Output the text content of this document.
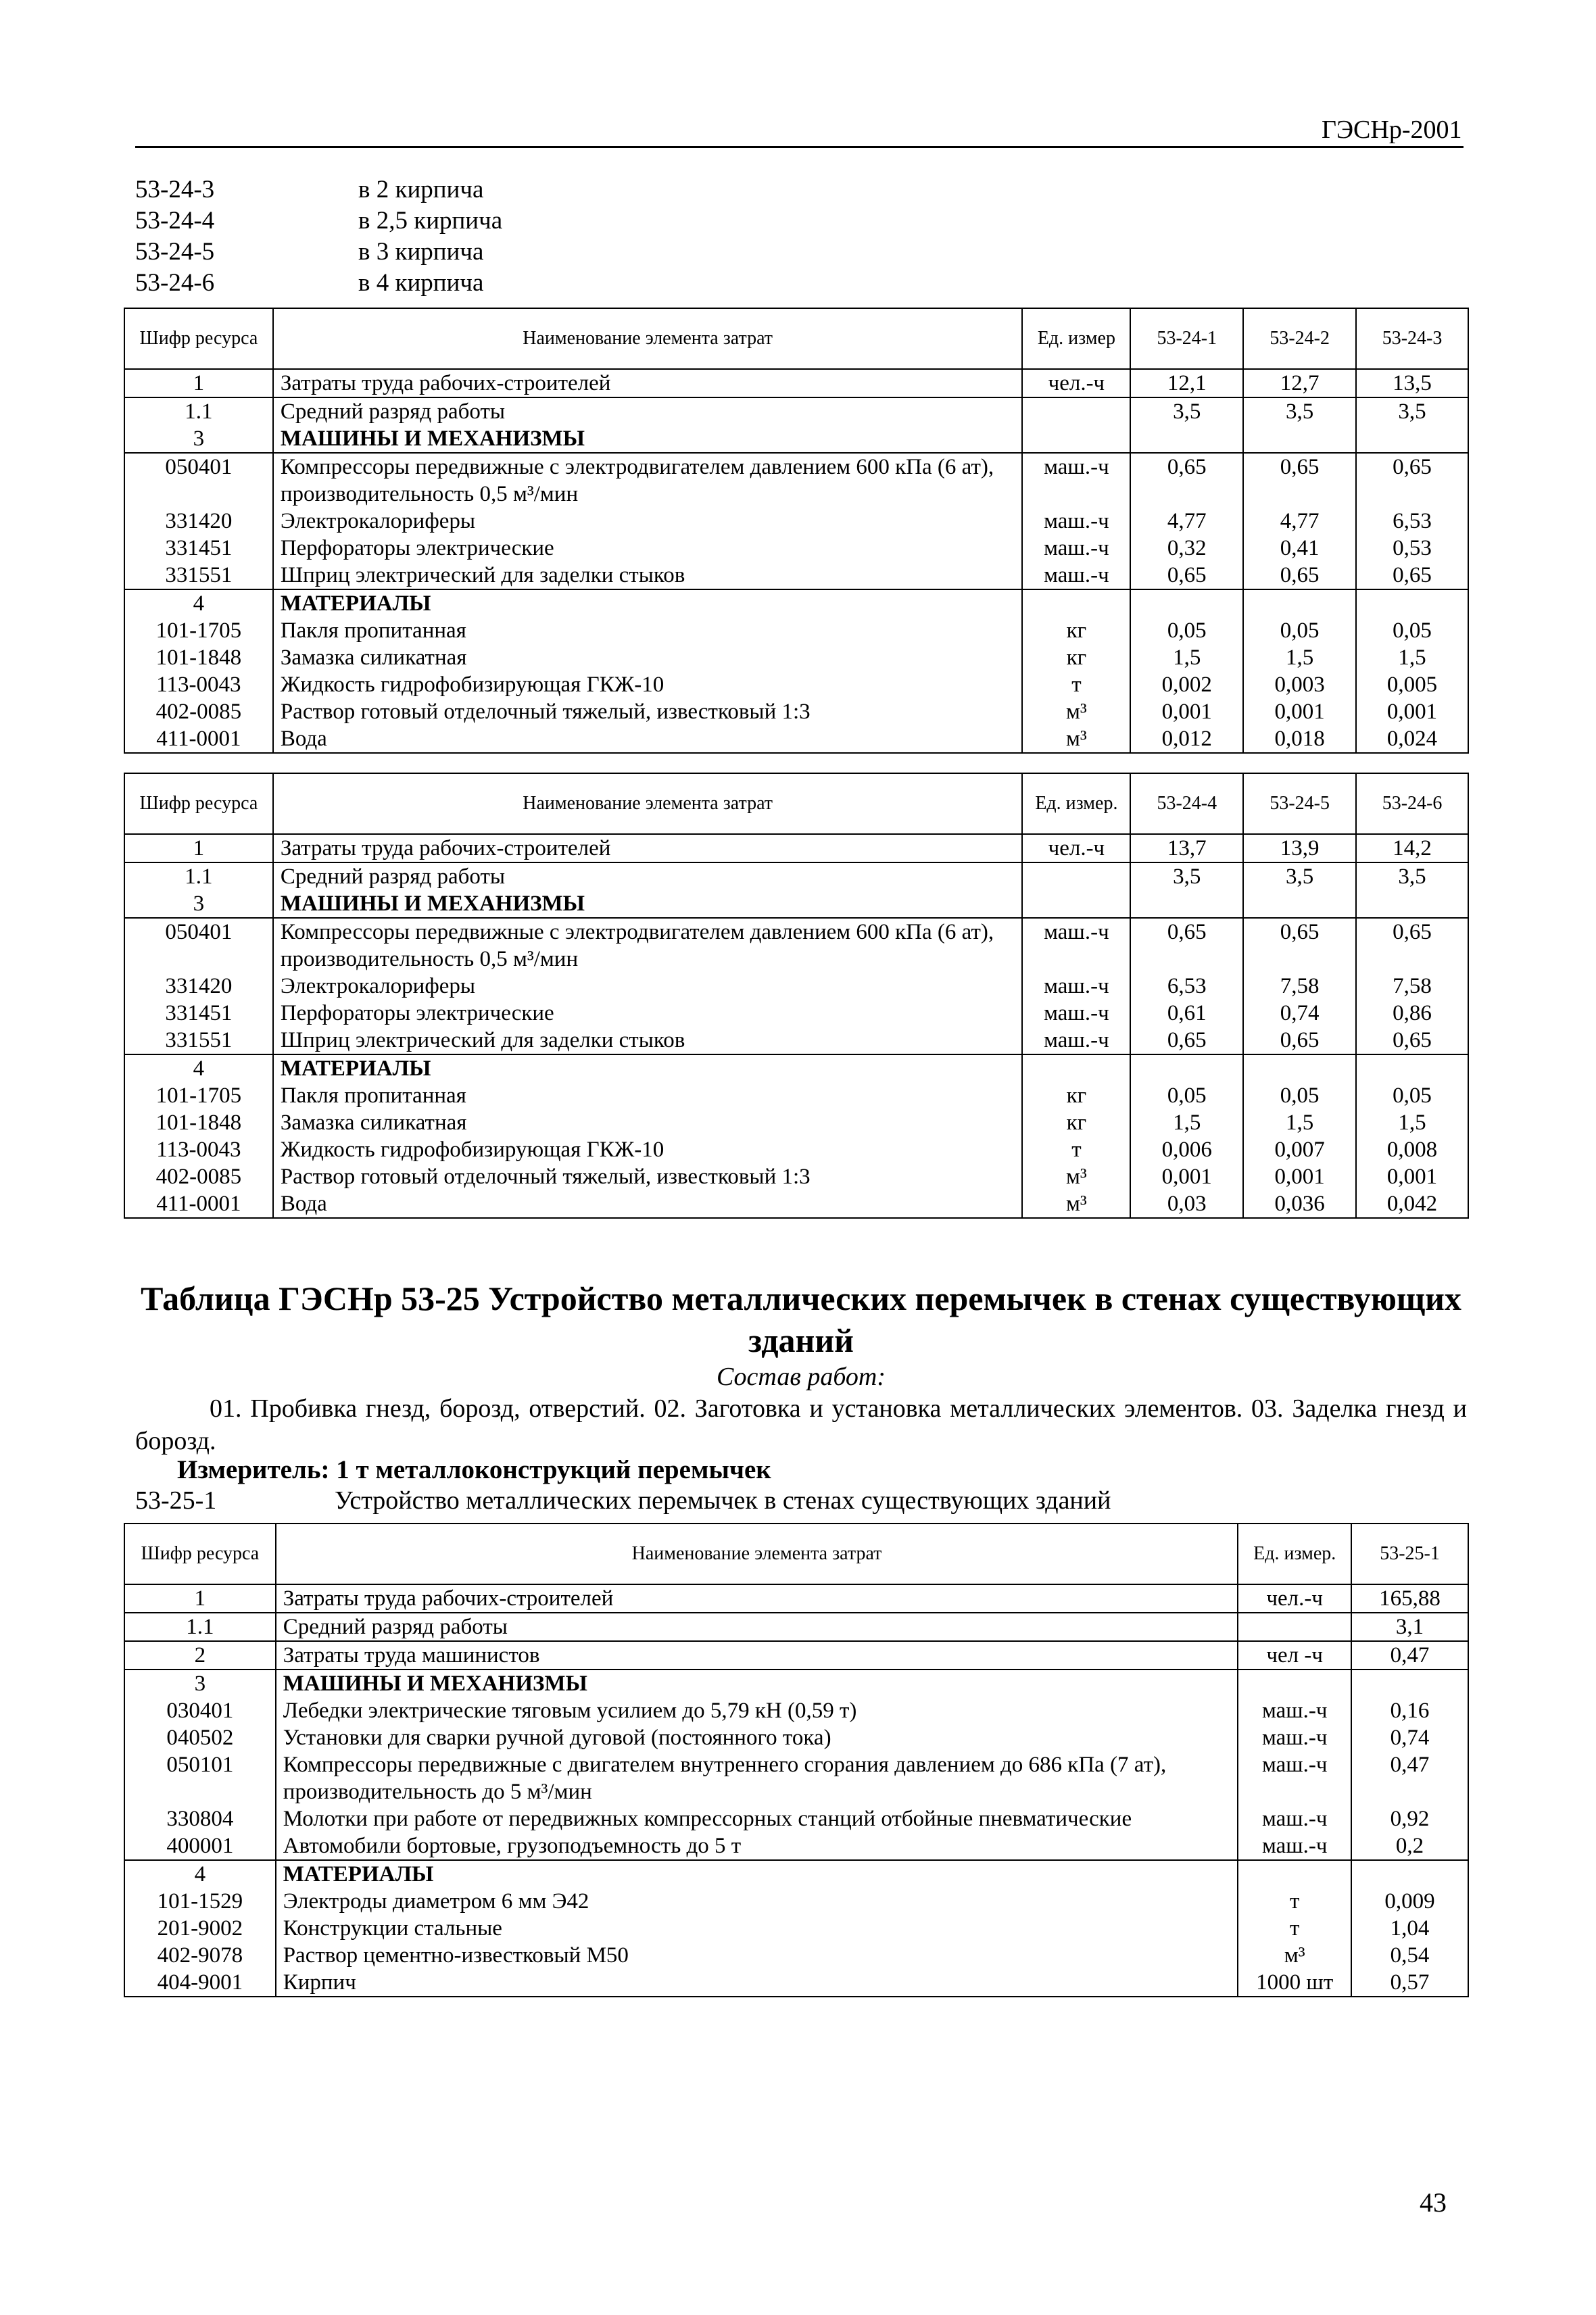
ГЭСНр-2001
53-24-3	в 2 кирпича
53-24-4	в 2,5 кирпича
53-24-5	в 3 кирпича
53-24-6	в 4 кирпича
Шифр ресурса	Наименование элемента затрат	Ед. измер	53-24-1	53-24-2	53-24-3
1	Затраты труда рабочих-строителей	чел.-ч	12,1	12,7	13,5
1.1	Средний разряд работы		3,5	3,5	3,5
3	МАШИНЫ И МЕХАНИЗМЫ				
050401	Компрессоры передвижные с электродвигателем давлением 600 кПа (6 ат), производительность 0,5 м³/мин	маш.-ч	0,65	0,65	0,65
331420	Электрокалориферы	маш.-ч	4,77	4,77	6,53
331451	Перфораторы электрические	маш.-ч	0,32	0,41	0,53
331551	Шприц электрический для заделки стыков	маш.-ч	0,65	0,65	0,65
4	МАТЕРИАЛЫ				
101-1705	Пакля пропитанная	кг	0,05	0,05	0,05
101-1848	Замазка силикатная	кг	1,5	1,5	1,5
113-0043	Жидкость гидрофобизирующая ГКЖ-10	т	0,002	0,003	0,005
402-0085	Раствор готовый отделочный тяжелый, известковый 1:3	м³	0,001	0,001	0,001
411-0001	Вода	м³	0,012	0,018	0,024
Шифр ресурса	Наименование элемента затрат	Ед. измер.	53-24-4	53-24-5	53-24-6
1	Затраты труда рабочих-строителей	чел.-ч	13,7	13,9	14,2
1.1	Средний разряд работы		3,5	3,5	3,5
3	МАШИНЫ И МЕХАНИЗМЫ				
050401	Компрессоры передвижные с электродвигателем давлением 600 кПа (6 ат), производительность 0,5 м³/мин	маш.-ч	0,65	0,65	0,65
331420	Электрокалориферы	маш.-ч	6,53	7,58	7,58
331451	Перфораторы электрические	маш.-ч	0,61	0,74	0,86
331551	Шприц электрический для заделки стыков	маш.-ч	0,65	0,65	0,65
4	МАТЕРИАЛЫ				
101-1705	Пакля пропитанная	кг	0,05	0,05	0,05
101-1848	Замазка силикатная	кг	1,5	1,5	1,5
113-0043	Жидкость гидрофобизирующая ГКЖ-10	т	0,006	0,007	0,008
402-0085	Раствор готовый отделочный тяжелый, известковый 1:3	м³	0,001	0,001	0,001
411-0001	Вода	м³	0,03	0,036	0,042
Таблица ГЭСНр 53-25 Устройство металлических перемычек в стенах существующих зданий
Состав работ:
01. Пробивка гнезд, борозд, отверстий. 02. Заготовка и установка металлических элементов. 03. Заделка гнезд и борозд.
Измеритель: 1 т металлоконструкций перемычек
53-25-1	Устройство металлических перемычек в стенах существующих зданий
Шифр ресурса	Наименование элемента затрат	Ед. измер.	53-25-1
1	Затраты труда рабочих-строителей	чел.-ч	165,88
1.1	Средний разряд работы		3,1
2	Затраты труда машинистов	чел -ч	0,47
3	МАШИНЫ И МЕХАНИЗМЫ		
030401	Лебедки электрические тяговым усилием до 5,79 кН (0,59 т)	маш.-ч	0,16
040502	Установки для сварки ручной дуговой (постоянного тока)	маш.-ч	0,74
050101	Компрессоры передвижные с двигателем внутреннего сгорания давлением до 686 кПа (7 ат), производительность до 5 м³/мин	маш.-ч	0,47
330804	Молотки при работе от передвижных компрессорных станций отбойные пневматические	маш.-ч	0,92
400001	Автомобили бортовые, грузоподъемность до 5 т	маш.-ч	0,2
4	МАТЕРИАЛЫ		
101-1529	Электроды диаметром 6 мм Э42	т	0,009
201-9002	Конструкции стальные	т	1,04
402-9078	Раствор цементно-известковый М50	м³	0,54
404-9001	Кирпич	1000 шт	0,57
43
